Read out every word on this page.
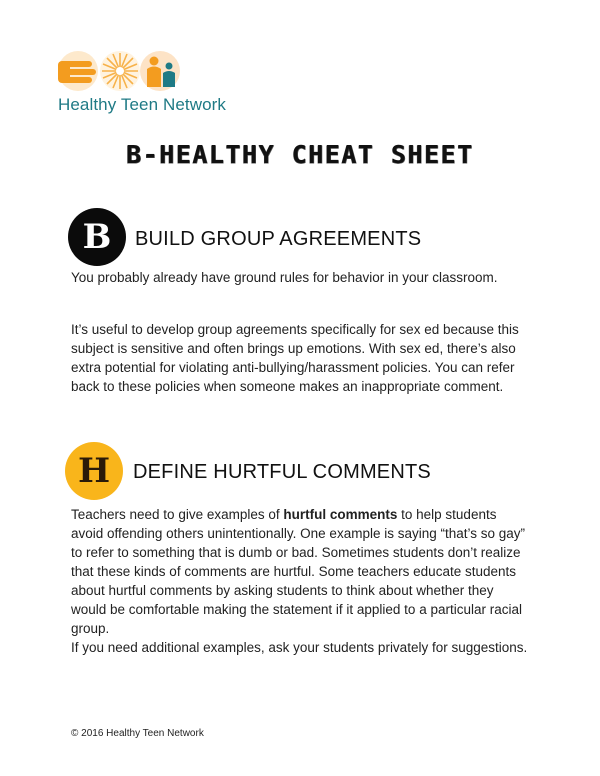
Healthy Teen Network
B-HEALTHY CHEAT SHEET
B	BUILD GROUP AGREEMENTS

You probably already have ground rules for behavior in your classroom.

It’s useful to develop group agreements specifically for sex ed because this subject is sensitive and often brings up emotions. With sex ed, there’s also extra potential for violating anti-bullying/harassment policies. You can refer back to these policies when someone makes an inappropriate comment.

H	DEFINE HURTFUL COMMENTS

Teachers need to give examples of hurtful comments to help students avoid offending others unintentionally. One example is saying “that’s so gay” to refer to something that is dumb or bad. Sometimes students don’t realize that these kinds of comments are hurtful. Some teachers educate students about hurtful comments by asking students to think about whether they would be comfortable making the statement if it applied to a particular racial group.

If you need additional examples, ask your students privately for suggestions.

© 2016 Healthy Teen Network
